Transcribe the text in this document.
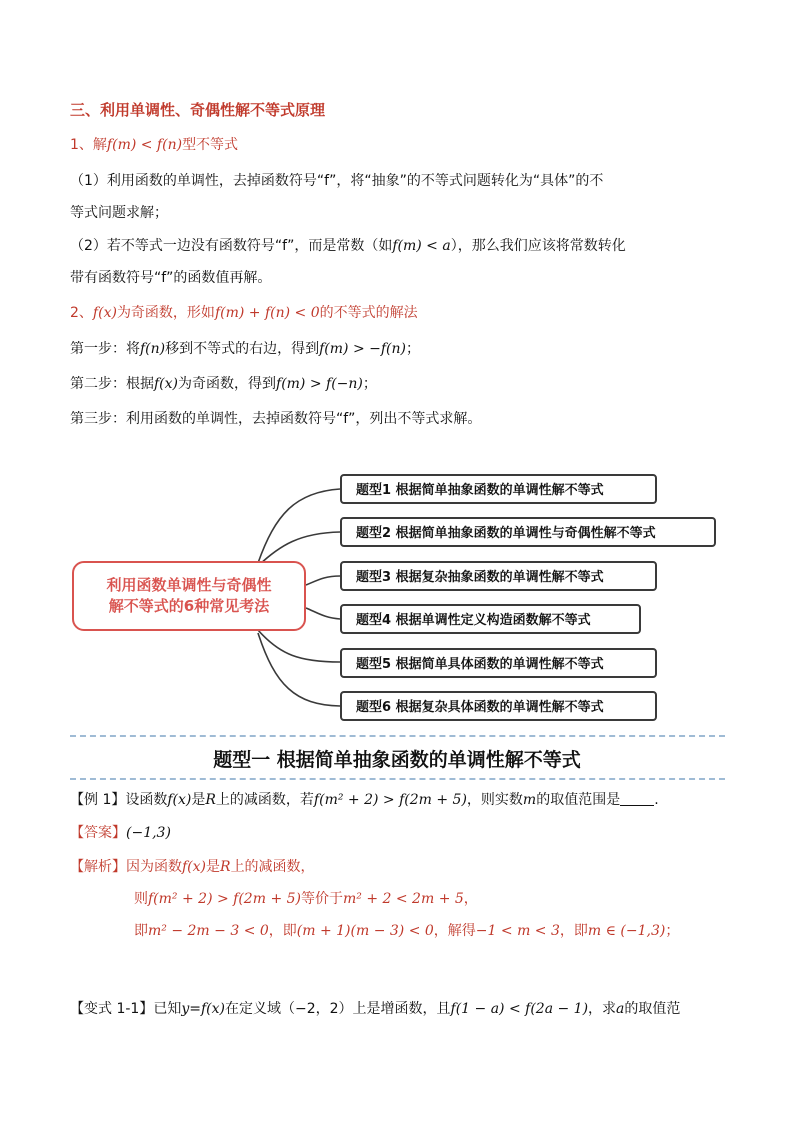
三、利用单调性、奇偶性解不等式原理
1、解f(m) < f(n)型不等式
（1）利用函数的单调性，去掉函数符号“f”，将“抽象”的不等式问题转化为“具体”的不
等式问题求解；
（2）若不等式一边没有函数符号“f”，而是常数（如f(m) < a），那么我们应该将常数转化
带有函数符号“f”的函数值再解。
2、f(x)为奇函数，形如f(m) + f(n) < 0的不等式的解法
第一步：将f(n)移到不等式的右边，得到f(m) > −f(n)；
第二步：根据f(x)为奇函数，得到f(m) > f(−n)；
第三步：利用函数的单调性，去掉函数符号“f”，列出不等式求解。
利用函数单调性与奇偶性
解不等式的6种常见考法
题型1 根据简单抽象函数的单调性解不等式
题型2 根据简单抽象函数的单调性与奇偶性解不等式
题型3 根据复杂抽象函数的单调性解不等式
题型4 根据单调性定义构造函数解不等式
题型5 根据简单具体函数的单调性解不等式
题型6 根据复杂具体函数的单调性解不等式
题型一 根据简单抽象函数的单调性解不等式
【例 1】设函数f(x)是R上的减函数，若f(m² + 2) > f(2m + 5)，则实数m的取值范围是 .
【答案】(−1,3)
【解析】因为函数f(x)是R上的减函数，
则f(m² + 2) > f(2m + 5)等价于m² + 2 < 2m + 5，
即m² − 2m − 3 < 0，即(m + 1)(m − 3) < 0，解得−1 < m < 3，即m ∈ (−1,3)；
【变式 1-1】已知y=f(x)在定义域（−2，2）上是增函数，且f(1 − a) < f(2a − 1)，求a的取值范
